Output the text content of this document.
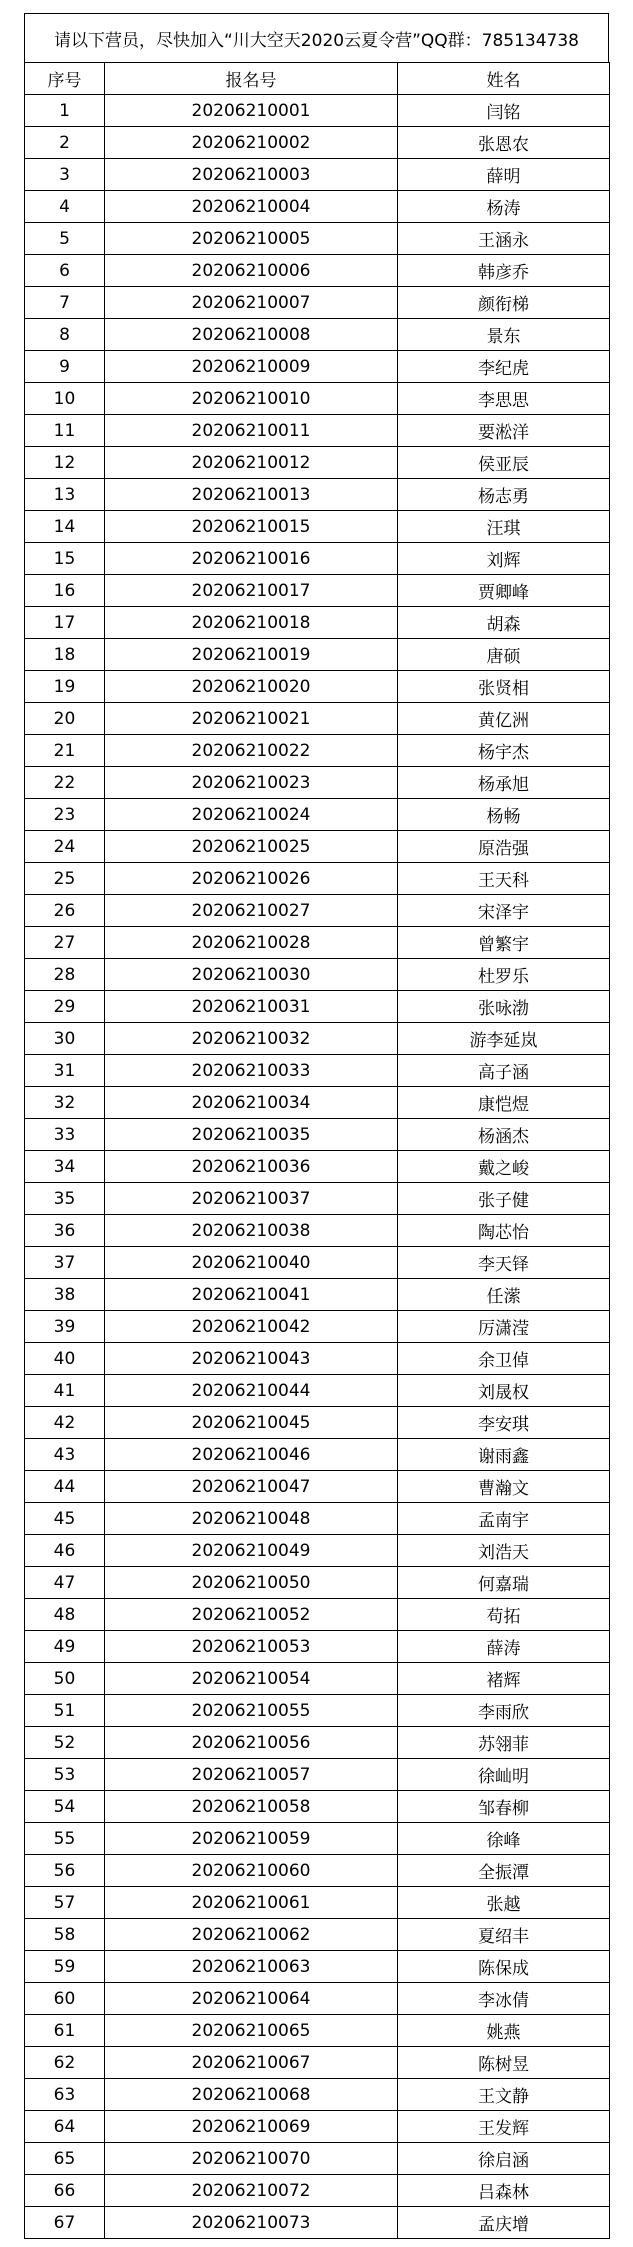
请以下营员，尽快加入“川大空天2020云夏令营”QQ群：785134738
序号	报名号	姓名
1	20206210001	闫铭
2	20206210002	张恩农
3	20206210003	薛明
4	20206210004	杨涛
5	20206210005	王涵永
6	20206210006	韩彦乔
7	20206210007	颜衔梯
8	20206210008	景东
9	20206210009	李纪虎
10	20206210010	李思思
11	20206210011	要淞洋
12	20206210012	侯亚辰
13	20206210013	杨志勇
14	20206210015	汪琪
15	20206210016	刘辉
16	20206210017	贾卿峰
17	20206210018	胡森
18	20206210019	唐硕
19	20206210020	张贤相
20	20206210021	黄亿洲
21	20206210022	杨宇杰
22	20206210023	杨承旭
23	20206210024	杨畅
24	20206210025	原浩强
25	20206210026	王天科
26	20206210027	宋泽宇
27	20206210028	曾繁宇
28	20206210030	杜罗乐
29	20206210031	张咏渤
30	20206210032	游李延岚
31	20206210033	高子涵
32	20206210034	康恺煜
33	20206210035	杨涵杰
34	20206210036	戴之峻
35	20206210037	张子健
36	20206210038	陶芯怡
37	20206210040	李天铎
38	20206210041	任潆
39	20206210042	厉潇滢
40	20206210043	余卫倬
41	20206210044	刘晟权
42	20206210045	李安琪
43	20206210046	谢雨鑫
44	20206210047	曹瀚文
45	20206210048	孟南宇
46	20206210049	刘浩天
47	20206210050	何嘉瑞
48	20206210052	苟拓
49	20206210053	薛涛
50	20206210054	褚辉
51	20206210055	李雨欣
52	20206210056	苏翎菲
53	20206210057	徐屾明
54	20206210058	邹春柳
55	20206210059	徐峰
56	20206210060	全振潭
57	20206210061	张越
58	20206210062	夏绍丰
59	20206210063	陈保成
60	20206210064	李冰倩
61	20206210065	姚燕
62	20206210067	陈树昱
63	20206210068	王文静
64	20206210069	王发辉
65	20206210070	徐启涵
66	20206210072	吕森林
67	20206210073	孟庆增
